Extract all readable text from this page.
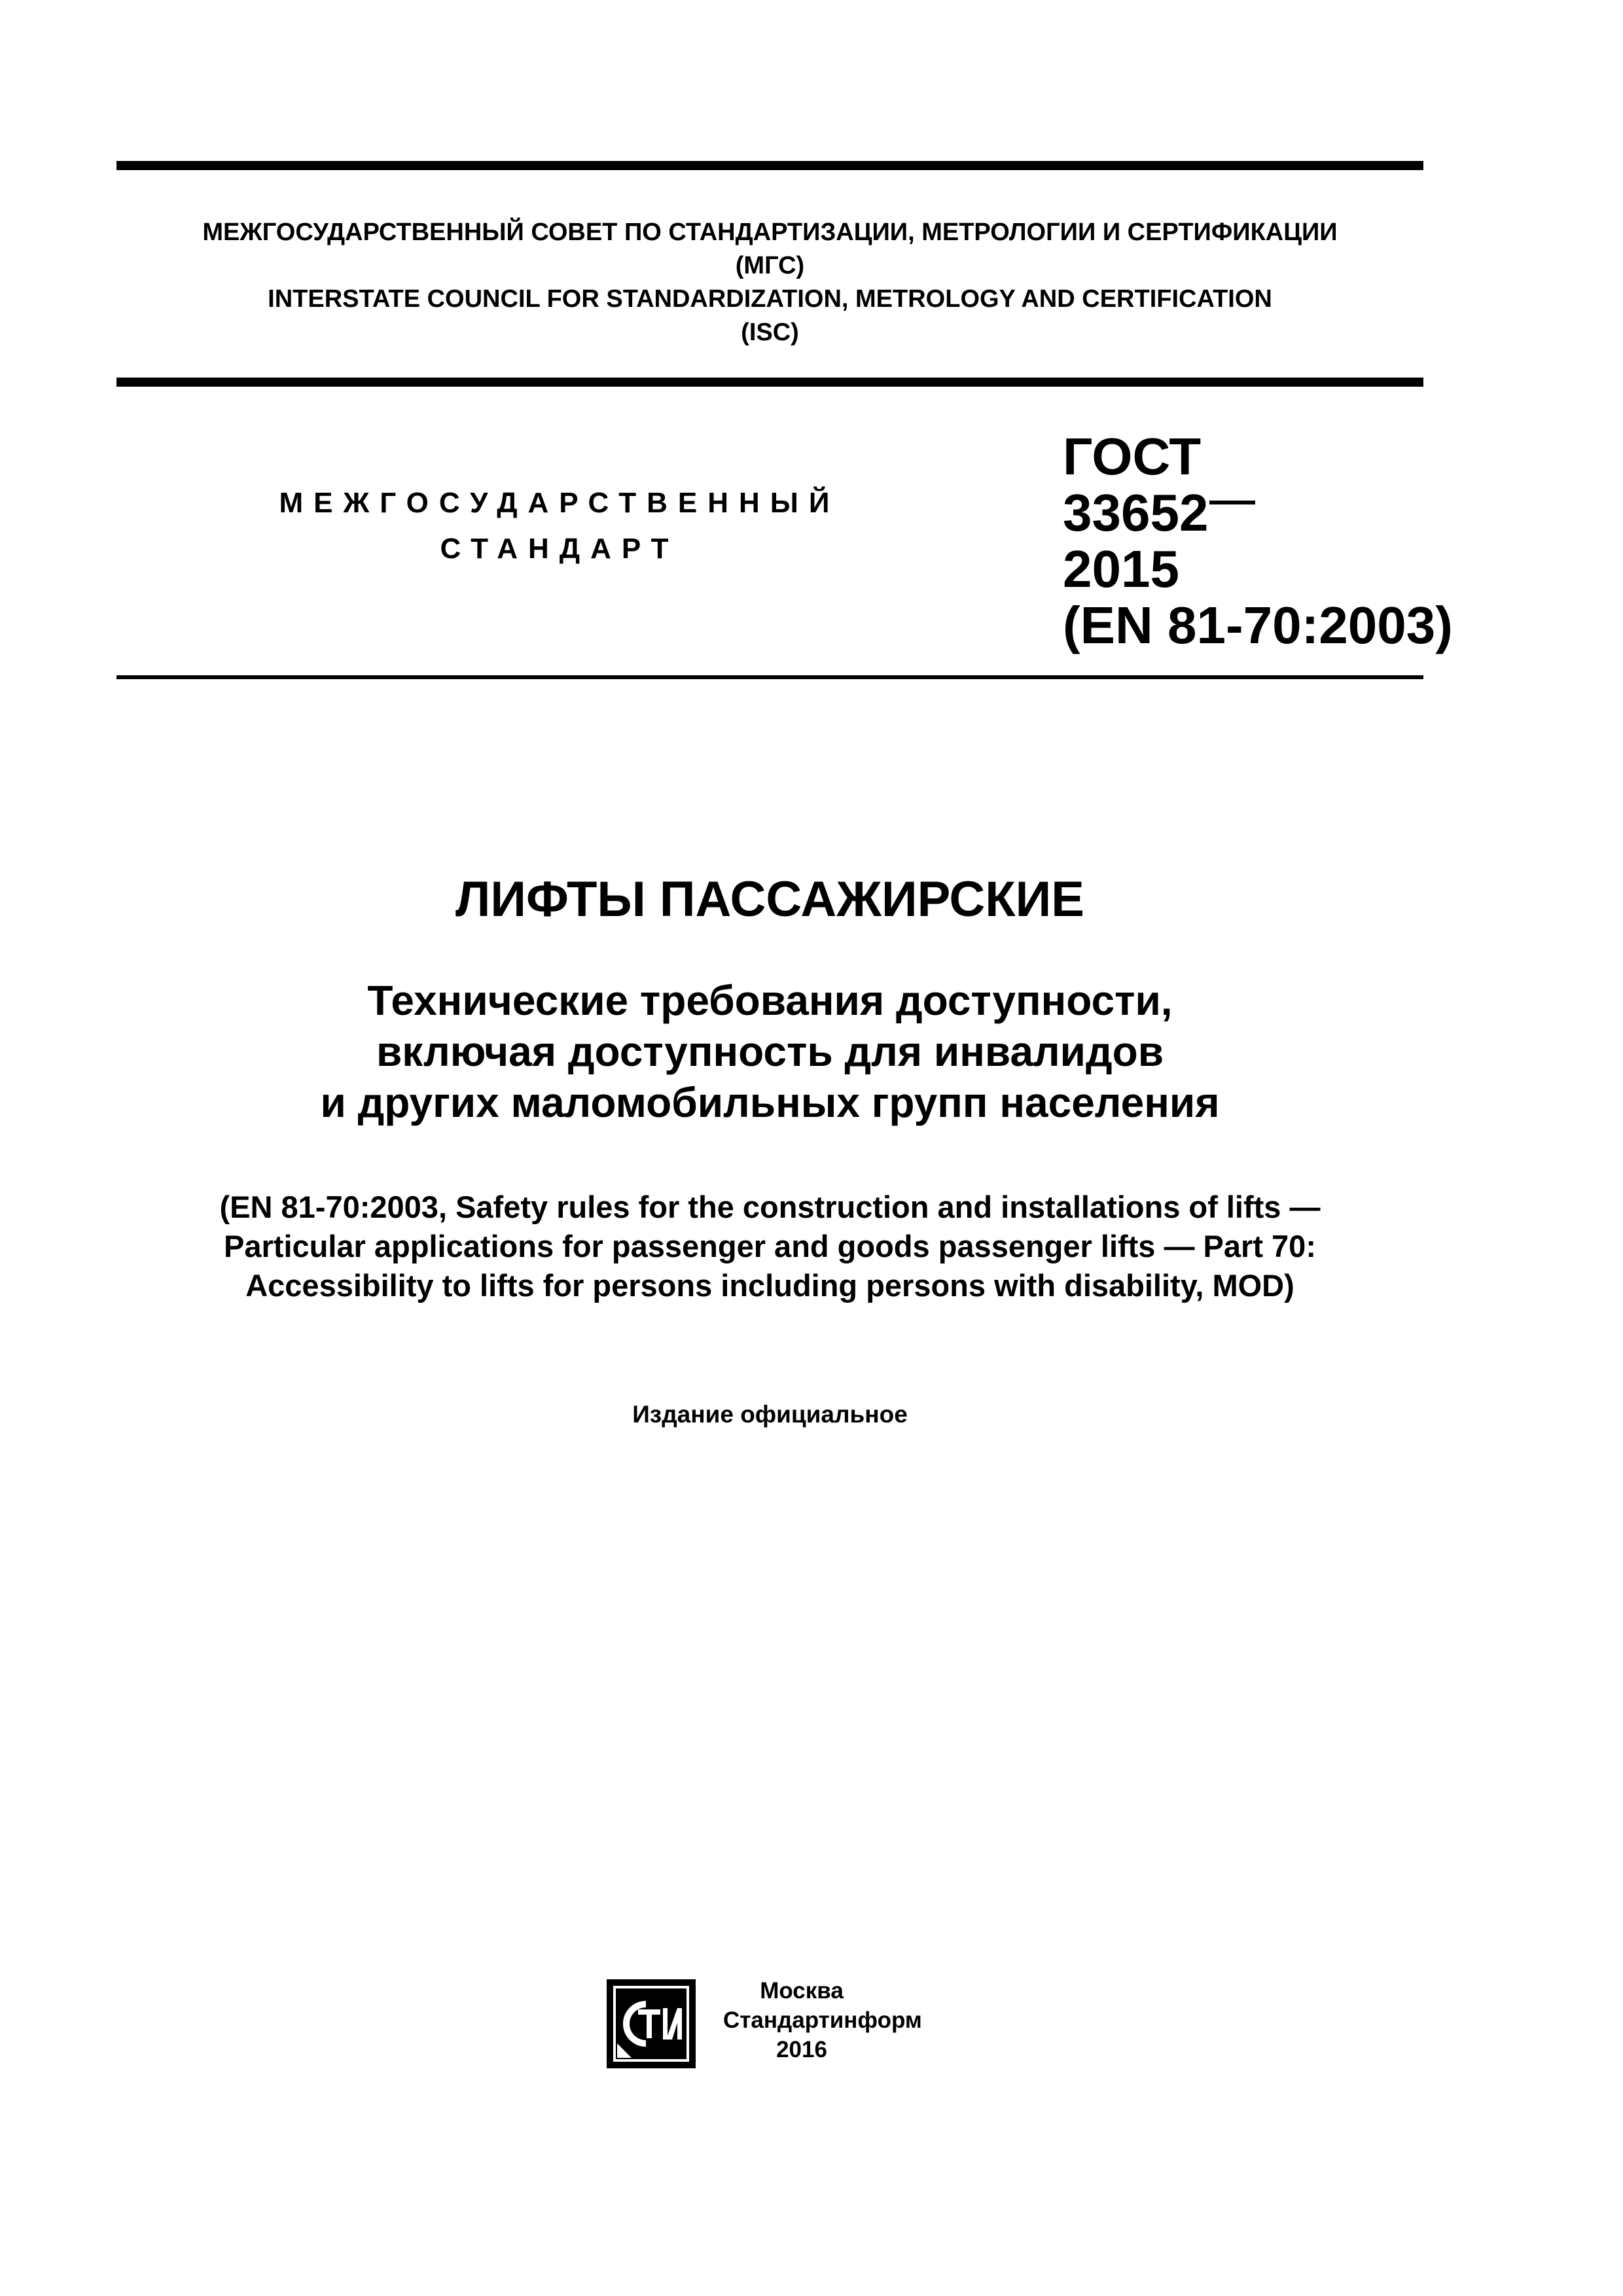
МЕЖГОСУДАРСТВЕННЫЙ СОВЕТ ПО СТАНДАРТИЗАЦИИ, МЕТРОЛОГИИ И СЕРТИФИКАЦИИ
(МГС)
INTERSTATE COUNCIL FOR STANDARDIZATION, METROLOGY AND CERTIFICATION
(ISC)
МЕЖГОСУДАРСТВЕННЫЙ
СТАНДАРТ
ГОСТ
33652
2015
(EN 81-70:2003)
ЛИФТЫ ПАССАЖИРСКИЕ
Технические требования доступности,
включая доступность для инвалидов
и других маломобильных групп населения
(EN 81-70:2003, Safety rules for the construction and installations of lifts —
Particular applications for passenger and goods passenger lifts — Part 70:
Accessibility to lifts for persons including persons with disability, MOD)
Издание официальное
Москва
Стандартинформ
2016
